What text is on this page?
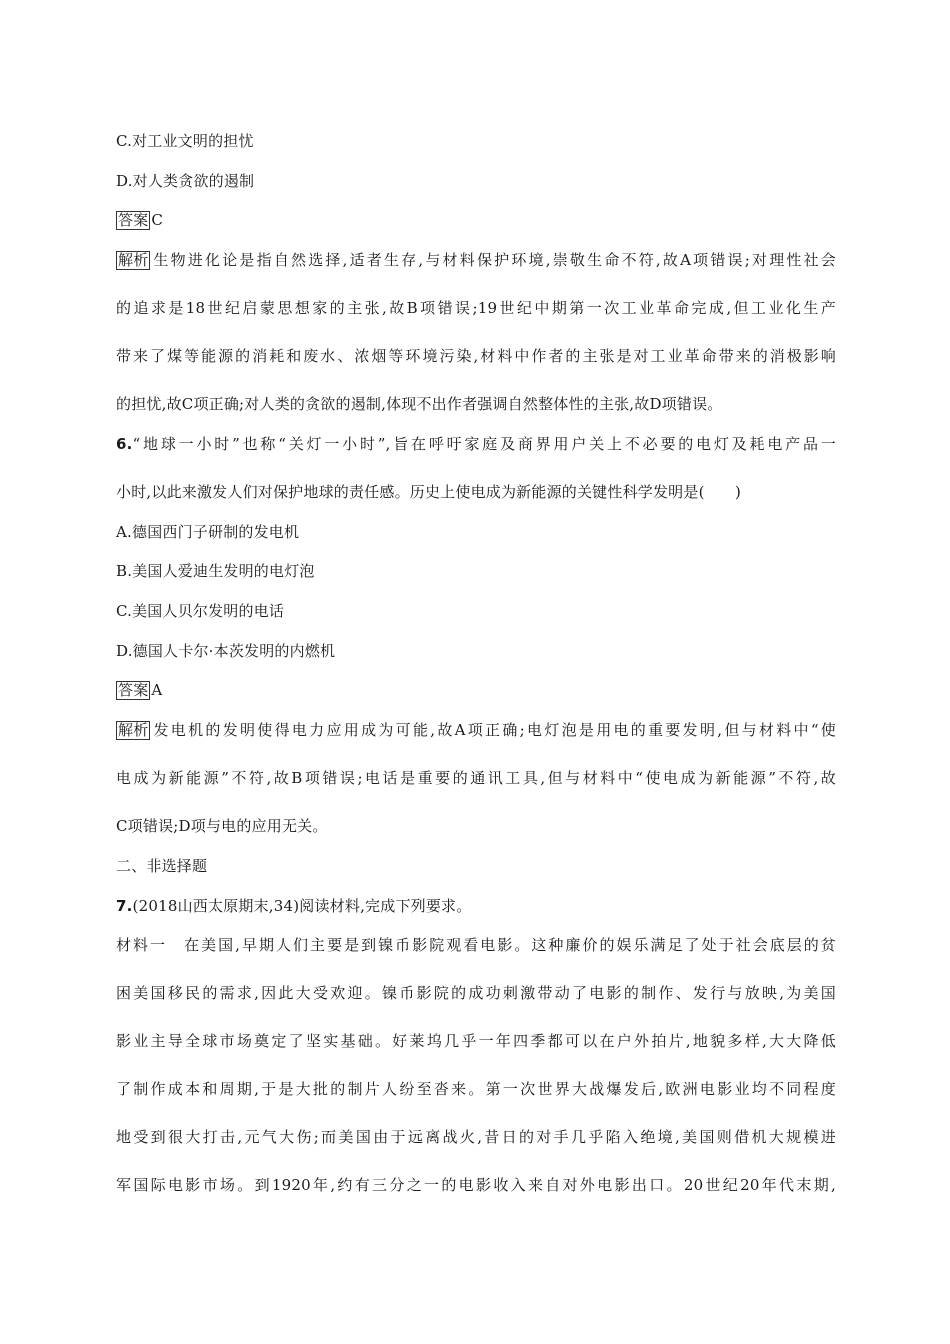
C.对工业文明的担忧
D.对人类贪欲的遏制
答案 C
解析 生物进化论是指自然选择,适者生存,与材料保护环境,崇敬生命不符,故A项错误;对理性社会
的追求是18世纪启蒙思想家的主张,故B项错误;19世纪中期第一次工业革命完成,但工业化生产
带来了煤等能源的消耗和废水、浓烟等环境污染,材料中作者的主张是对工业革命带来的消极影响
的担忧,故C项正确;对人类的贪欲的遏制,体现不出作者强调自然整体性的主张,故D项错误。
6.“地球一小时”也称“关灯一小时”,旨在呼吁家庭及商界用户关上不必要的电灯及耗电产品一
小时,以此来激发人们对保护地球的责任感。历史上使电成为新能源的关键性科学发明是(　　)
A.德国西门子研制的发电机
B.美国人爱迪生发明的电灯泡
C.美国人贝尔发明的电话
D.德国人卡尔·本茨发明的内燃机
答案 A
解析 发电机的发明使得电力应用成为可能,故A项正确;电灯泡是用电的重要发明,但与材料中“使
电成为新能源”不符,故B项错误;电话是重要的通讯工具,但与材料中“使电成为新能源”不符,故
C项错误;D项与电的应用无关。
二、非选择题
7.(2018山西太原期末,34)阅读材料,完成下列要求。
材料一　在美国,早期人们主要是到镍币影院观看电影。这种廉价的娱乐满足了处于社会底层的贫
困美国移民的需求,因此大受欢迎。镍币影院的成功刺激带动了电影的制作、发行与放映,为美国
影业主导全球市场奠定了坚实基础。好莱坞几乎一年四季都可以在户外拍片,地貌多样,大大降低
了制作成本和周期,于是大批的制片人纷至沓来。第一次世界大战爆发后,欧洲电影业均不同程度
地受到很大打击,元气大伤;而美国由于远离战火,昔日的对手几乎陷入绝境,美国则借机大规模进
军国际电影市场。到1920年,约有三分之一的电影收入来自对外电影出口。20世纪20年代末期,
